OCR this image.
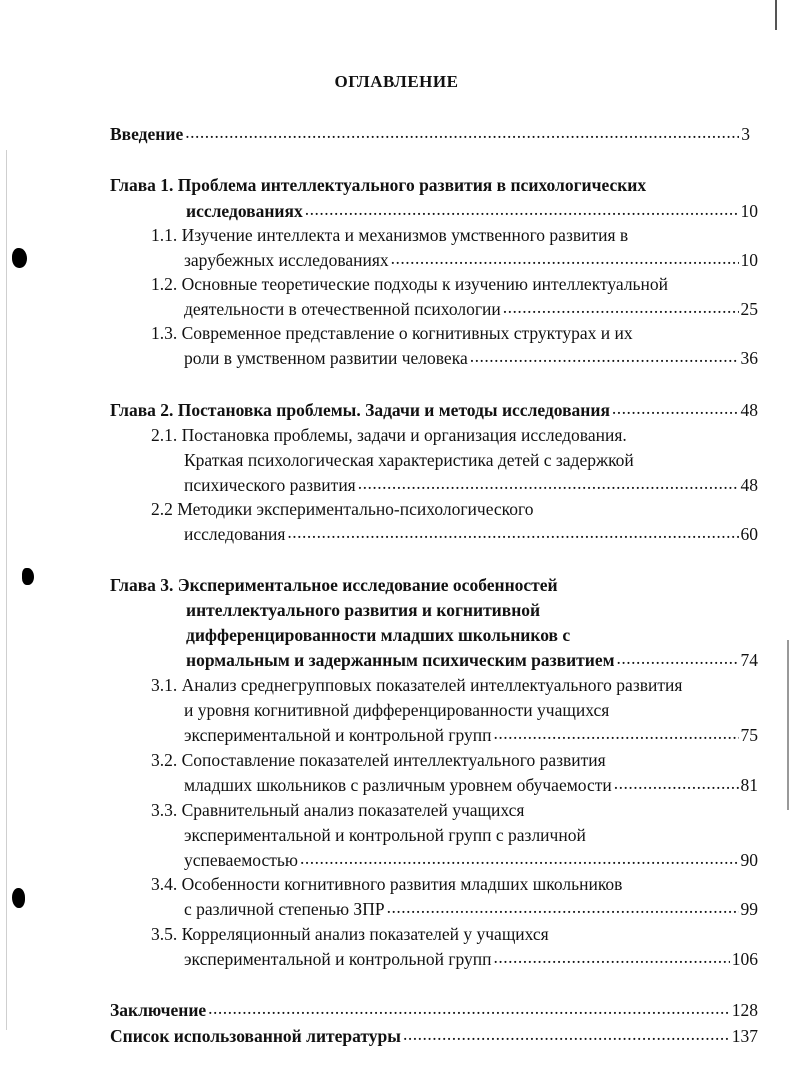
ОГЛАВЛЕНИЕ
Введение .....	3
Глава 1. Проблема интеллектуального развития в психологических
исследованиях .....	10
1.1. Изучение интеллекта и механизмов умственного развития в
зарубежных исследованиях .....	10
1.2. Основные теоретические подходы к изучению интеллектуальной
деятельности в отечественной психологии .....	25
1.3. Современное представление о когнитивных структурах и их
роли в умственном развитии человека .....	36
Глава 2. Постановка проблемы. Задачи и методы исследования .....	48
2.1. Постановка проблемы, задачи и организация исследования.
Краткая психологическая характеристика детей с задержкой
психического развития .....	48
2.2 Методики экспериментально-психологического
исследования .....	60
Глава 3. Экспериментальное исследование особенностей
интеллектуального развития и когнитивной
дифференцированности младших школьников с
нормальным и задержанным психическим развитием .....	74
3.1. Анализ среднегрупповых показателей интеллектуального развития
и уровня когнитивной дифференцированности учащихся
экспериментальной и контрольной групп .....	75
3.2. Сопоставление показателей интеллектуального развития
младших школьников с различным уровнем обучаемости .....	81
3.3. Сравнительный анализ показателей учащихся
экспериментальной и контрольной групп с различной
успеваемостью .....	90
3.4. Особенности когнитивного развития младших школьников
с различной степенью ЗПР .....	99
3.5. Корреляционный анализ показателей у учащихся
экспериментальной и контрольной групп .....	106
Заключение .....	128
Список использованной литературы .....	137
